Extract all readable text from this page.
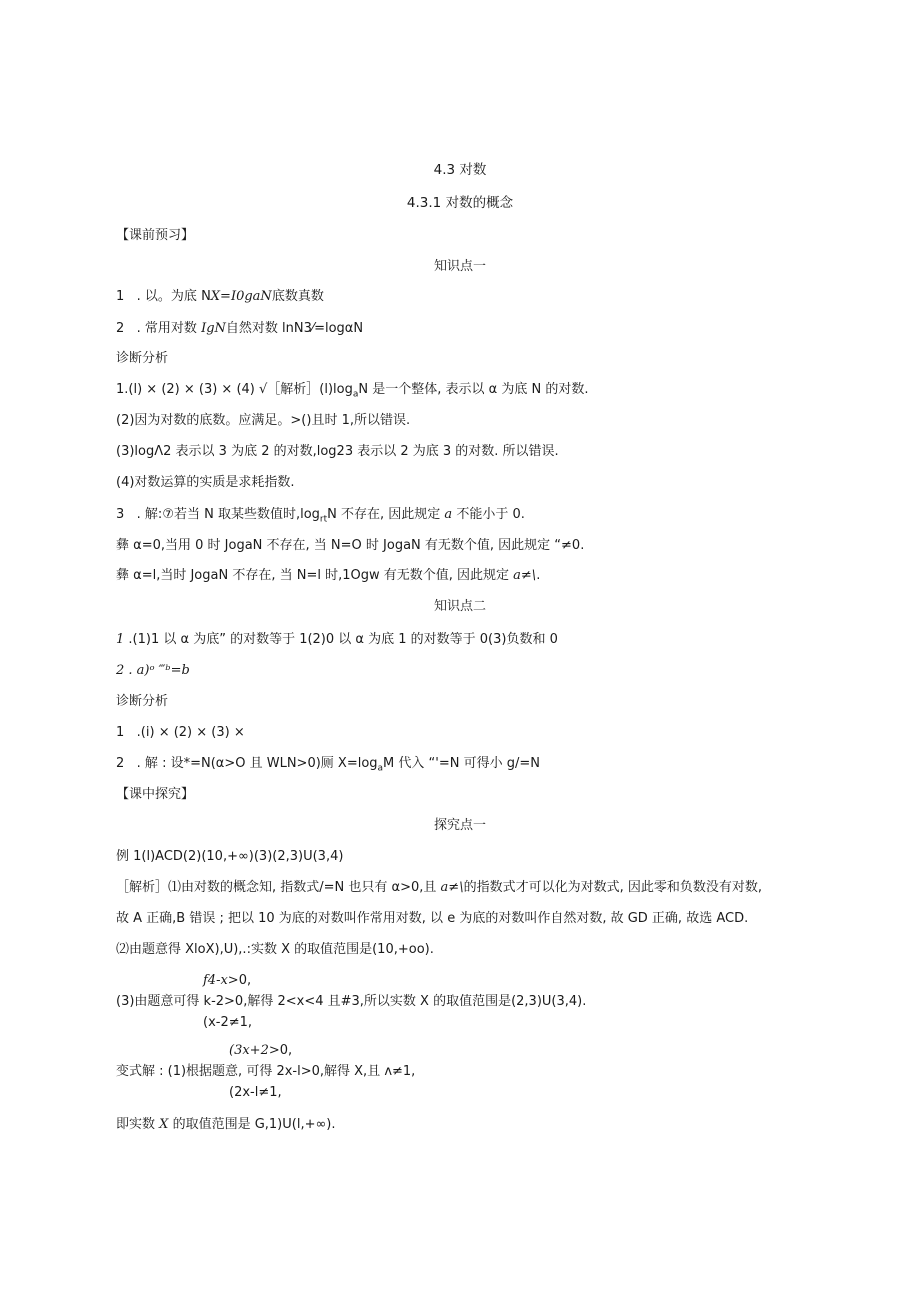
4.3 对数
4.3.1 对数的概念
【课前预习】
知识点一
1   . 以。为底 NX=I0gaN底数真数
2   . 常用对数 IgN自然对数 lnN3⁄=logαN
诊断分析
1.(l) × (2) × (3) × (4) √［解析$](l)\log_aN$ 是一个整体, 表示以 α 为底 N 的对数.
(2)因为对数的底数。应满足。>()且时 1,所以错误.
(3)logΛ2 表示以 3 为底 2 的对数,log23 表示以 2 为底 3 的对数. 所以错误.
(4)对数运算的实质是求耗指数.
3   . 解:⑦若当 N 取某些数值时$,\log_{rt}N$ 不存在, 因此规定 a 不能小于 0.
彝 α=0,当用 0 时 JogaN 不存在, 当 N=O 时 JogaN 有无数个值, 因此规定 “≠0.
彝 α=l,当时 JogaN 不存在, 当 N=l 时,1Ogw 有无数个值, 因此规定 a≠\.
知识点二
1 .(1)1 以 α 为底” 的对数等于 1(2)0 以 α 为底 1 的对数等于 0(3)负数和 0
2 . a)ᵒ ‴ᵇ=b
诊断分析
1   .(i) × (2) × (3) ×
2   . 解 : 设*=N(α>O 且 WLN>0)厕 $X=\log_aM$ 代入 “'=N 可得小 g/=N
【课中探究】
探究点一
例 1(l)ACD(2)(10,+∞)(3)(2,3)U(3,4)
［解析］⑴由对数的概念知, 指数式/=N 也只有 α>0,且 a≠\的指数式才可以化为对数式, 因此零和负数没有对数,
故 A 正确,B 错误 ; 把以 10 为底的对数叫作常用对数, 以 e 为底的对数叫作自然对数, 故 GD 正确, 故选 ACD.
⑵由题意得 XloX),U),.:实数 X 的取值范围是(10,+oo).
f4-x>0,
(3)由题意可得 k-2>0,解得 2<x<4 且#3,所以实数 X 的取值范围是(2,3)U(3,4).
(x-2≠1,
(3x+2>0,
变式解 : (1)根据题意, 可得 2x-l>0,解得 X,且 ʌ≠1,
(2x-l≠1,
即实数 X 的取值范围是 G,1)U(l,+∞).
